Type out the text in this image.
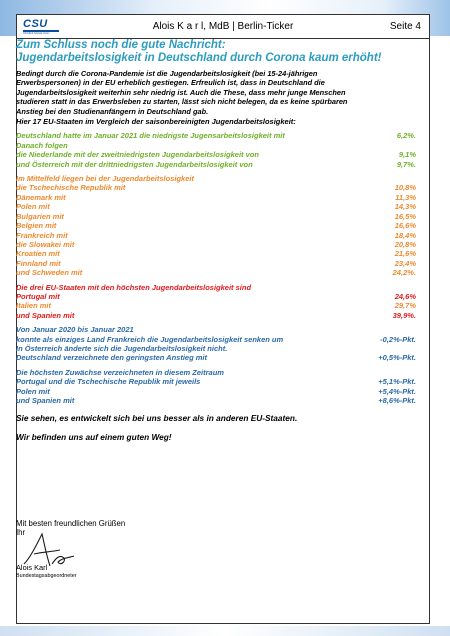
CSU
Christlich-Soziale Union
Alois K a r l, MdB | Berlin-Ticker	Seite 4
Zum Schluss noch die gute Nachricht:
Jugendarbeitslosigkeit in Deutschland durch Corona kaum erhöht!
Bedingt durch die Corona-Pandemie ist die Jugendarbeitslosigkeit (bei 15-24-jährigen
Erwerbspersonen) in der EU erheblich gestiegen. Erfreulich ist, dass in Deutschland die
Jugendarbeitslosigkeit weiterhin sehr niedrig ist. Auch die These, dass mehr junge Menschen
studieren statt in das Erwerbsleben zu starten, lässt sich nicht belegen, da es keine spürbaren
Anstieg bei den Studienanfängern in Deutschland gab.
Hier 17 EU-Staaten im Vergleich der saisonbereinigten Jugendarbeitslosigkeit:
Deutschland hatte im Januar 2021 die niedrigste Jugensarbeitslosigkeit mit	6,2%.
Danach folgen
die Niederlande mit der zweitniedrigsten Jugendarbeitslosigkeit von	9,1%
und Österreich mit der drittniedrigsten Jugendarbeitslosigkeit von	9,7%.
Im Mittelfeld liegen bei der Jugendarbeitslosigkeit
die Tschechische Republik mit	10,8%
Dänemark mit	11,3%
Polen mit	14,3%
Bulgarien mit	16,5%
Belgien mit	16,6%
Frankreich mit	18,4%
die Slowakei mit	20,8%
Kroatien mit	21,6%
Finnland mit	23,4%
und Schweden mit	24,2%.
Die drei EU-Staaten mit den höchsten Jugendarbeitslosigkeit sind
Portugal mit	24,6%
Italien mit	29,7%
und Spanien mit	39,9%.
Von Januar 2020 bis Januar 2021
konnte als einziges Land Frankreich die Jugendarbeitslosigkeit senken um	-0,2%-Pkt.
In Österreich änderte sich die Jugendarbeitslosigkeit nicht.
Deutschland verzeichnete den geringsten Anstieg mit	+0,5%-Pkt.
Die höchsten Zuwächse verzeichneten in diesem Zeitraum
Portugal und die Tschechische Republik mit jeweils	+5,1%-Pkt.
Polen mit	+5,4%-Pkt.
und Spanien mit	+8,6%-Pkt.
Sie sehen, es entwickelt sich bei uns besser als in anderen EU-Staaten.
Wir befinden uns auf einem guten Weg!
Mit besten freundlichen Grüßen
Ihr
Alois Karl
Bundestagsabgeordneter
